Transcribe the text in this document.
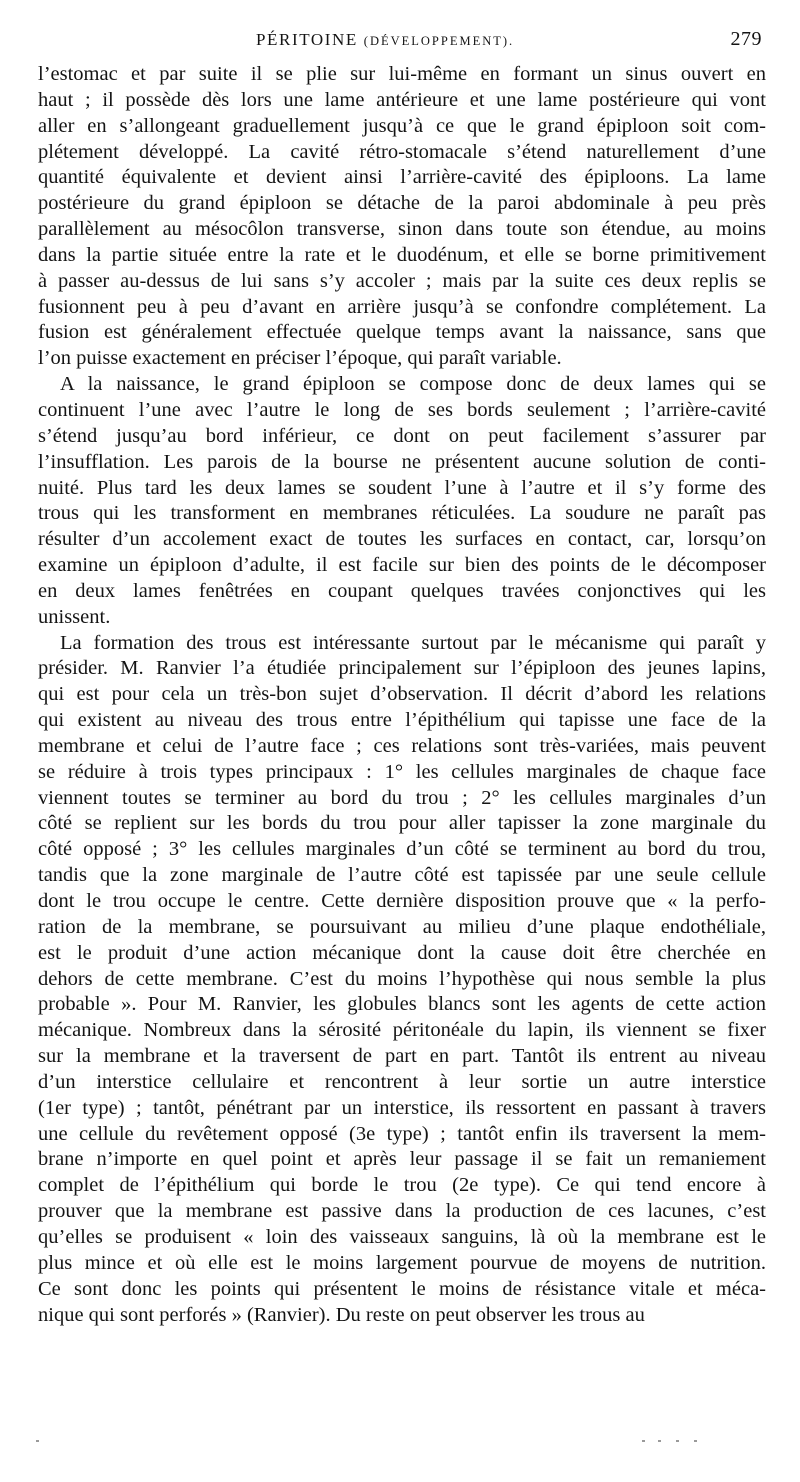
PÉRITOINE (DÉVELOPPEMENT).	279
l’estomac et par suite il se plie sur lui-même en formant un sinus ouvert en
haut ; il possède dès lors une lame antérieure et une lame postérieure qui vont
aller en s’allongeant graduellement jusqu’à ce que le grand épiploon soit com-
plétement développé. La cavité rétro-stomacale s’étend naturellement d’une
quantité équivalente et devient ainsi l’arrière-cavité des épiploons. La lame
postérieure du grand épiploon se détache de la paroi abdominale à peu près
parallèlement au mésocôlon transverse, sinon dans toute son étendue, au moins
dans la partie située entre la rate et le duodénum, et elle se borne primitivement
à passer au-dessus de lui sans s’y accoler ; mais par la suite ces deux replis se
fusionnent peu à peu d’avant en arrière jusqu’à se confondre complétement. La
fusion est généralement effectuée quelque temps avant la naissance, sans que
l’on puisse exactement en préciser l’époque, qui paraît variable.
A la naissance, le grand épiploon se compose donc de deux lames qui se
continuent l’une avec l’autre le long de ses bords seulement ; l’arrière-cavité
s’étend jusqu’au bord inférieur, ce dont on peut facilement s’assurer par
l’insufflation. Les parois de la bourse ne présentent aucune solution de conti-
nuité. Plus tard les deux lames se soudent l’une à l’autre et il s’y forme des
trous qui les transforment en membranes réticulées. La soudure ne paraît pas
résulter d’un accolement exact de toutes les surfaces en contact, car, lorsqu’on
examine un épiploon d’adulte, il est facile sur bien des points de le décomposer
en deux lames fenêtrées en coupant quelques travées conjonctives qui les
unissent.
La formation des trous est intéressante surtout par le mécanisme qui paraît y
présider. M. Ranvier l’a étudiée principalement sur l’épiploon des jeunes lapins,
qui est pour cela un très-bon sujet d’observation. Il décrit d’abord les relations
qui existent au niveau des trous entre l’épithélium qui tapisse une face de la
membrane et celui de l’autre face ; ces relations sont très-variées, mais peuvent
se réduire à trois types principaux : 1° les cellules marginales de chaque face
viennent toutes se terminer au bord du trou ; 2° les cellules marginales d’un
côté se replient sur les bords du trou pour aller tapisser la zone marginale du
côté opposé ; 3° les cellules marginales d’un côté se terminent au bord du trou,
tandis que la zone marginale de l’autre côté est tapissée par une seule cellule
dont le trou occupe le centre. Cette dernière disposition prouve que « la perfo-
ration de la membrane, se poursuivant au milieu d’une plaque endothéliale,
est le produit d’une action mécanique dont la cause doit être cherchée en
dehors de cette membrane. C’est du moins l’hypothèse qui nous semble la plus
probable ». Pour M. Ranvier, les globules blancs sont les agents de cette action
mécanique. Nombreux dans la sérosité péritonéale du lapin, ils viennent se fixer
sur la membrane et la traversent de part en part. Tantôt ils entrent au niveau
d’un interstice cellulaire et rencontrent à leur sortie un autre interstice
(1er type) ; tantôt, pénétrant par un interstice, ils ressortent en passant à travers
une cellule du revêtement opposé (3e type) ; tantôt enfin ils traversent la mem-
brane n’importe en quel point et après leur passage il se fait un remaniement
complet de l’épithélium qui borde le trou (2e type). Ce qui tend encore à
prouver que la membrane est passive dans la production de ces lacunes, c’est
qu’elles se produisent « loin des vaisseaux sanguins, là où la membrane est le
plus mince et où elle est le moins largement pourvue de moyens de nutrition.
Ce sont donc les points qui présentent le moins de résistance vitale et méca-
nique qui sont perforés » (Ranvier). Du reste on peut observer les trous au
